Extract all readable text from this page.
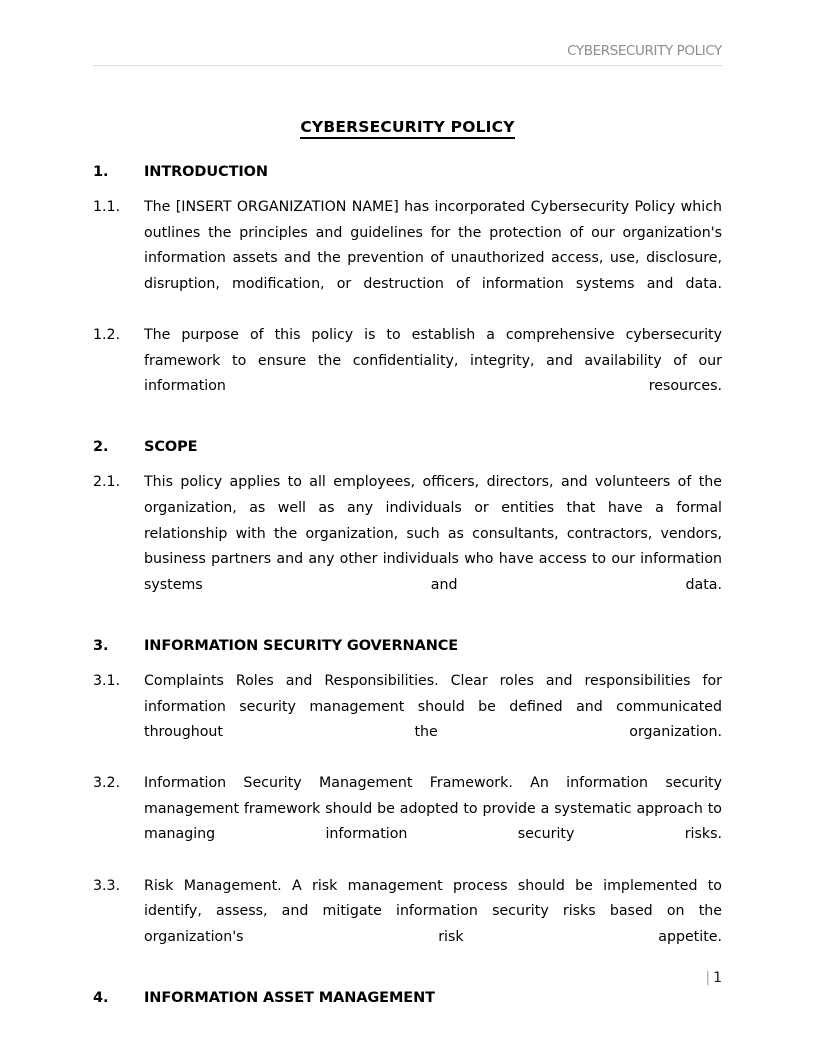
CYBERSECURITY POLICY
CYBERSECURITY POLICY
1.	INTRODUCTION
1.1.	The [INSERT ORGANIZATION NAME] has incorporated Cybersecurity Policy which outlines the principles and guidelines for the protection of our organization's information assets and the prevention of unauthorized access, use, disclosure, disruption, modification, or destruction of information systems and data.
1.2.	The purpose of this policy is to establish a comprehensive cybersecurity framework to ensure the confidentiality, integrity, and availability of our information resources.
2.	SCOPE
2.1.	This policy applies to all employees, officers, directors, and volunteers of the organization, as well as any individuals or entities that have a formal relationship with the organization, such as consultants, contractors, vendors, business partners and any other individuals who have access to our information systems and data.
3.	INFORMATION SECURITY GOVERNANCE
3.1.	Complaints Roles and Responsibilities. Clear roles and responsibilities for information security management should be defined and communicated throughout the organization.
3.2.	Information Security Management Framework. An information security management framework should be adopted to provide a systematic approach to managing information security risks.
3.3.	Risk Management. A risk management process should be implemented to identify, assess, and mitigate information security risks based on the organization's risk appetite.
4.	INFORMATION ASSET MANAGEMENT
| 1
